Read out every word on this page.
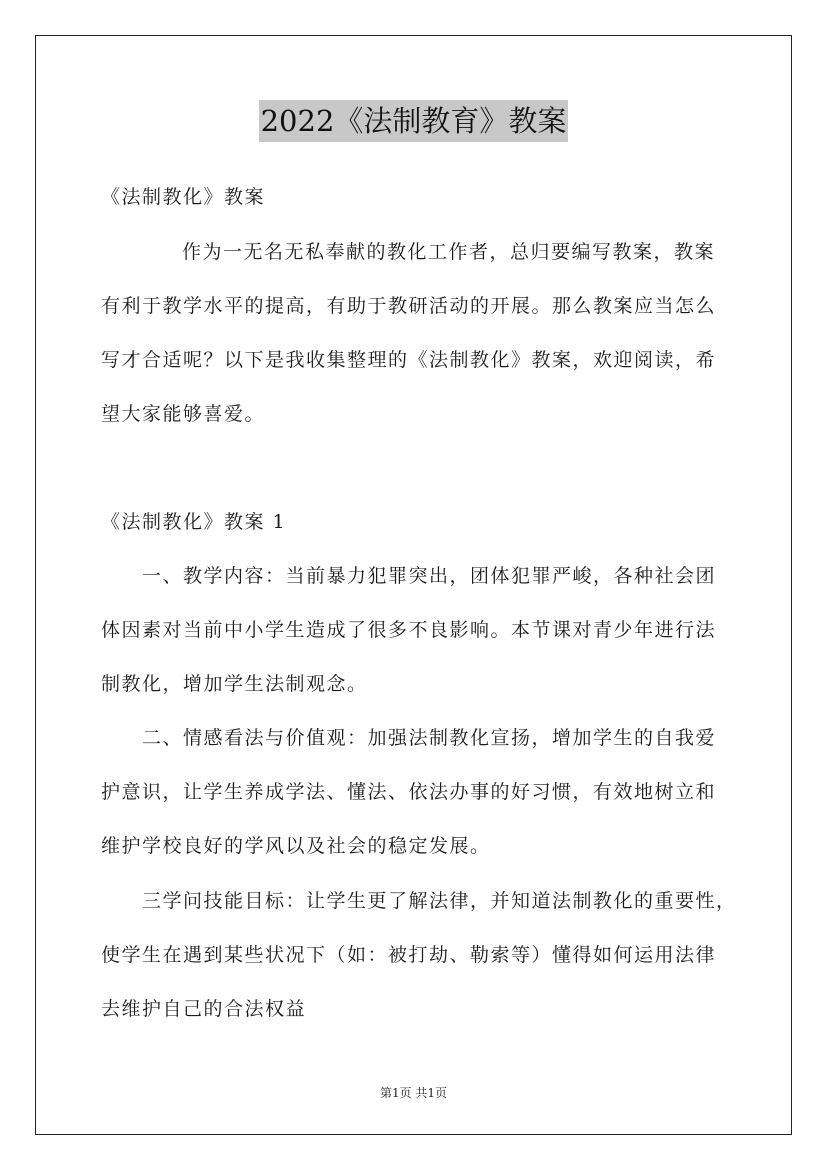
2022《法制教育》教案
《法制教化》教案
作为一无名无私奉献的教化工作者，总归要编写教案，教案
有利于教学水平的提高，有助于教研活动的开展。那么教案应当怎么
写才合适呢？以下是我收集整理的《法制教化》教案，欢迎阅读，希
望大家能够喜爱。
《法制教化》教案 1
一、教学内容：当前暴力犯罪突出，团体犯罪严峻，各种社会团
体因素对当前中小学生造成了很多不良影响。本节课对青少年进行法
制教化，增加学生法制观念。
二、情感看法与价值观：加强法制教化宣扬，增加学生的自我爱
护意识，让学生养成学法、懂法、依法办事的好习惯，有效地树立和
维护学校良好的学风以及社会的稳定发展。
三学问技能目标：让学生更了解法律，并知道法制教化的重要性，
使学生在遇到某些状况下（如：被打劫、勒索等）懂得如何运用法律
去维护自己的合法权益
第1页 共1页
